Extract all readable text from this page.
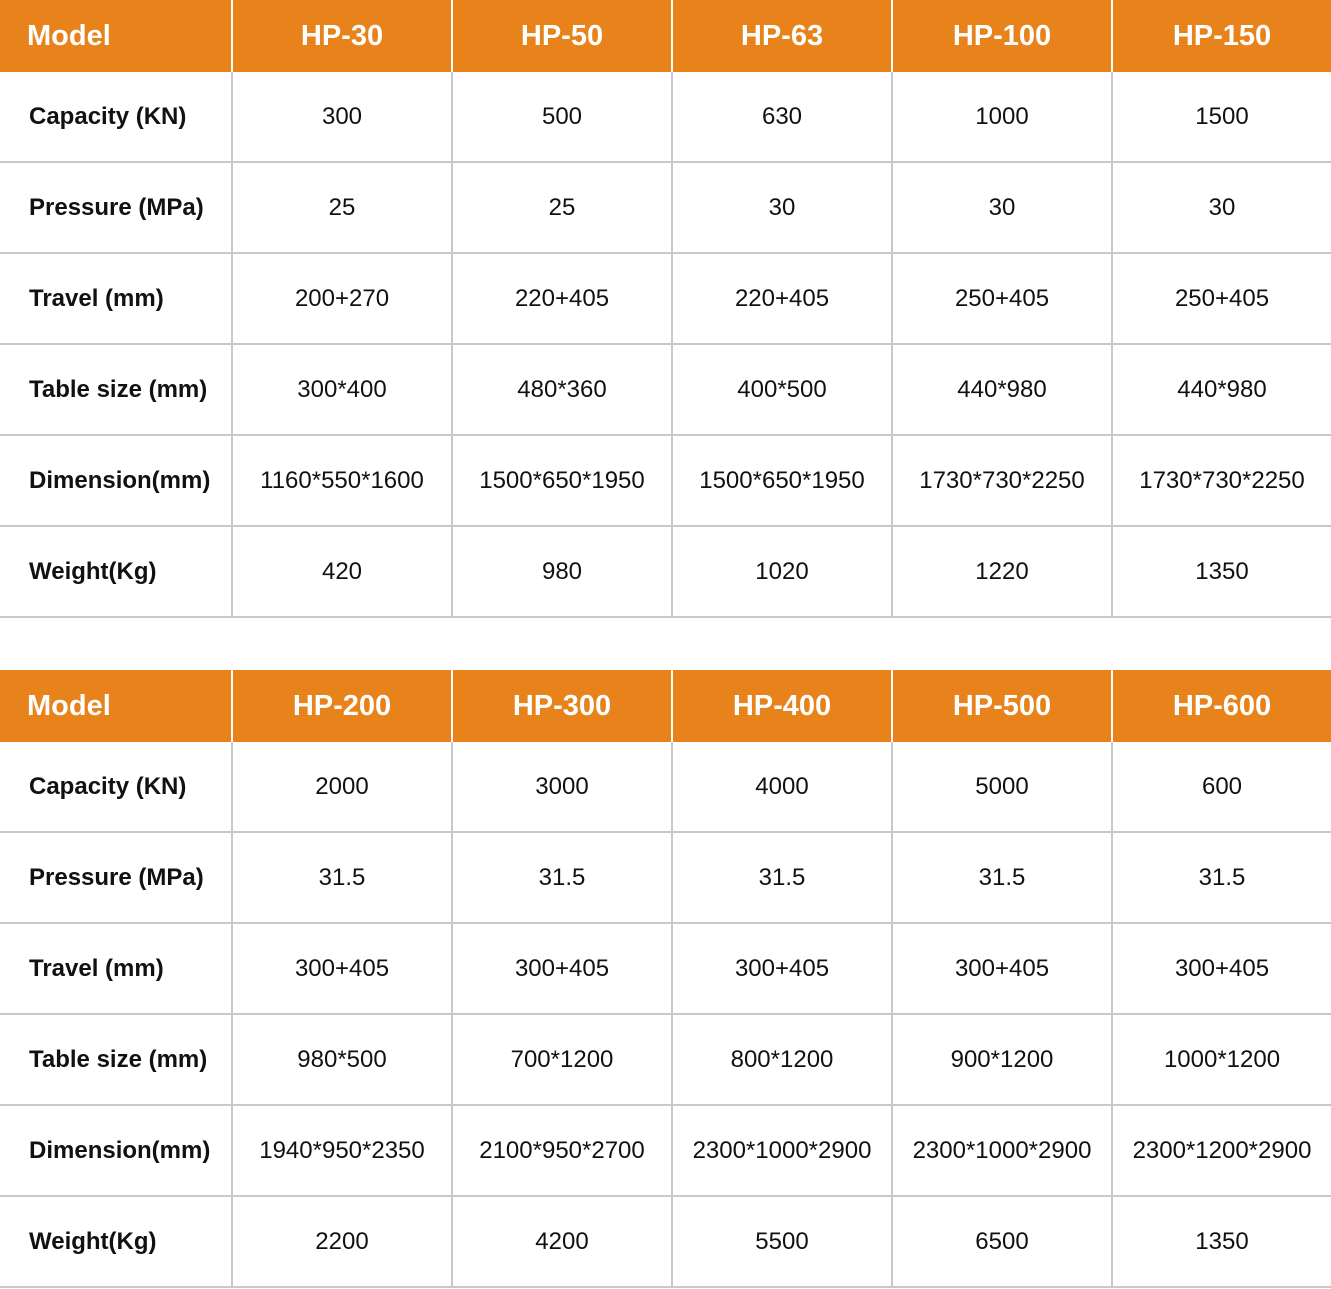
Model	HP-30	HP-50	HP-63	HP-100	HP-150
Capacity (KN)	300	500	630	1000	1500
Pressure (MPa)	25	25	30	30	30
Travel (mm)	200+270	220+405	220+405	250+405	250+405
Table size (mm)	300*400	480*360	400*500	440*980	440*980
Dimension(mm)	1160*550*1600	1500*650*1950	1500*650*1950	1730*730*2250	1730*730*2250
Weight(Kg)	420	980	1020	1220	1350
Model	HP-200	HP-300	HP-400	HP-500	HP-600
Capacity (KN)	2000	3000	4000	5000	600
Pressure (MPa)	31.5	31.5	31.5	31.5	31.5
Travel (mm)	300+405	300+405	300+405	300+405	300+405
Table size (mm)	980*500	700*1200	800*1200	900*1200	1000*1200
Dimension(mm)	1940*950*2350	2100*950*2700	2300*1000*2900	2300*1000*2900	2300*1200*2900
Weight(Kg)	2200	4200	5500	6500	1350
